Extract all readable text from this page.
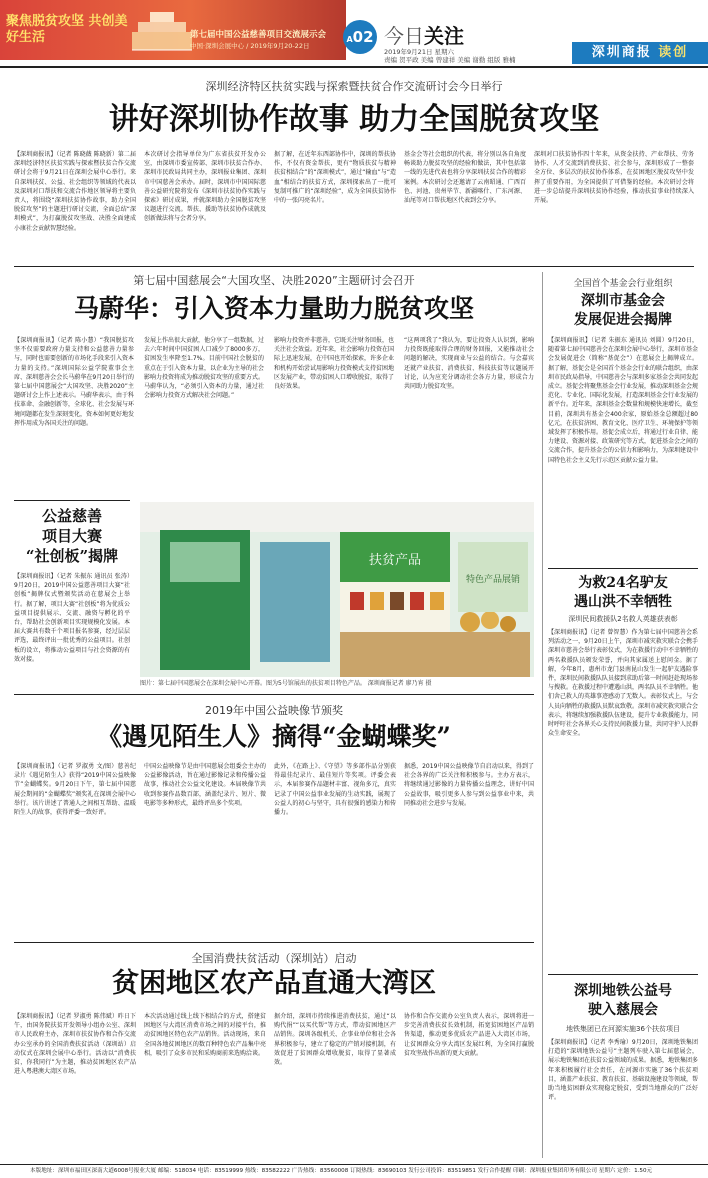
聚焦脱贫攻坚 共创美好生活	第七届中国公益慈善项目交流展示会
中国·深圳会展中心 / 2019年9月20-22日
A02 今日关注
2019年9月21日 星期六
责编 贺平政 美编 曾建祥 美编 谢勤 组版 雅楠	深圳商报 读创
深圳经济特区扶贫实践与探索暨扶贫合作交流研讨会今日举行
讲好深圳协作故事 助力全国脱贫攻坚
【深圳商报讯】（记者 陈晓薇 陈晓新）第二届深圳经济特区扶贫实践与探索暨扶贫合作交流研讨会将于9月21日在深圳会展中心举行。来自深圳扶贫、公益、社会组织等领域的代表以及深圳对口帮扶和交流合作地区领导将主要负责人，将围绕“深圳扶贫协作故事，助力全国脱贫攻坚”的主题进行研讨交流，全面总结“深圳模式”，为打赢脱贫攻坚战、决胜全面建成小康社会贡献智慧经验。
本次研讨会指导单位为广东省扶贫开发办公室，由深圳市委宣传部、深圳市扶贫合作办、深圳市民政局共同主办，深圳报业集团、深圳市中国慈善会承办。届时，深圳市中国国际慈善公益研究院将发布《深圳市扶贫协作实践与探索》研讨成果，并就深圳助力全国脱贫攻坚议题进行交流。帮扶、援助等扶贫协作成就及创新做法将与会者分享。
据了解，在近年东西部协作中，深圳的帮扶协作，不仅有资金帮扶，更有“物质扶贫与精神扶贫相结合”的“深圳模式”，通过“输血”与“造血”相结合的扶贫方式，深圳探索出了一批可复制可推广的“深圳经验”，成为全国扶贫协作中的一张闪亮名片。
基金会等社会组织的代表，将分别以各自角度畅谈助力脱贫攻坚的经验和做法，其中包括第一线的先进代表也将分享深圳扶贫合作的精彩案例。本次研讨会还邀请了云南昭通、广西百色、河池、贵州毕节、新疆喀什、广东河源、汕尾等对口帮扶地区代表到会分享。
深圳对口扶贫协作四十年来，从资金扶持、产业帮扶、劳务协作、人才交流到消费扶贫、社会参与，深圳形成了一整套全方位、多层次的扶贫协作体系，在贫困地区脱贫攻坚中发挥了重要作用，为全国提供了可借鉴的经验。本次研讨会将进一步总结提升深圳扶贫协作经验，推动扶贫事业持续深入开展。
第七届中国慈展会“大国攻坚、决胜2020”主题研讨会召开
马蔚华：引入资本力量助力脱贫攻坚
【深圳商报讯】（记者 陈小慧）“我国脱贫攻坚不仅需要政府力量支持和公益慈善力量参与，同时也需要创新的市场化手段来引入资本力量的支持。”深圳国际公益学院董事会主席、深圳慈善会会长马蔚华在9月20日举行的第七届中国慈展会“大国攻坚、决胜2020”主题研讨会上作上述表示。马蔚华表示，由于科技革命、金融创新等，全球化、社会发展与环境问题都在发生深刻变化，资本如何更好地发挥作用成为各国关注的问题。
发展上作出很大贡献，他分享了一组数据，过去六年时间中国贫困人口减少了8000多万，贫困发生率降至1.7%。目前中国社会脱贫的重点在于引入资本力量，以企业为主导的社会影响力投资将成为推动脱贫攻坚的重要方式。马蔚华认为，“必须引入资本的力量，通过社会影响力投资方式解决社会问题。”
影响力投资并非慈善，它既关注财务回报，也关注社会效益。近年来，社会影响力投资在国际上迅速发展，在中国也开始探索，许多企业和机构开始尝试用影响力投资模式支持贫困地区发展产业，带动贫困人口增收脱贫，取得了良好效果。
“这两项我了”我认为，要让投资人认识到，影响力投资既能取得合理的财务回报，又能推动社会问题的解决，实现商业与公益的结合。与会嘉宾还就产业扶贫、消费扶贫、科技扶贫等议题展开讨论，认为应充分调动社会各方力量，形成合力共同助力脱贫攻坚。
公益慈善
项目大赛
“社创板”揭牌
【深圳商报讯】（记者 朱振东 通讯员 张涛）9月20日，2019中国公益慈善项目大赛“社创板”揭牌仪式暨颁奖活动在慈展会上举行。据了解，项目大赛“社创板”将为优质公益项目提供展示、交流、融资与孵化的平台，帮助社会创新项目实现规模化发展。本届大赛共有数千个项目报名参赛，经过层层评选，最终评出一批优秀的公益项目。社创板的设立，将推动公益项目与社会资源的有效对接。
扶贫产品
特色产品展销
图片：第七届中国慈展会在深圳会展中心开幕。图为5号馆展出的扶贫项目特色产品。 深圳商报记者 廖乃宵 摄
全国首个基金会行业组织
深圳市基金会
发展促进会揭牌
【深圳商报讯】（记者 朱振东 通讯员 刘圆）9月20日，随着第七届中国慈善会在深圳会展中心举行，深圳市基金会发展促进会（简称“基促会”）在慈展会上揭牌成立。据了解，基促会是全国首个基金会行业的联合组织，由深圳市民政局指导，中国慈善会与深圳多家基金会共同发起成立。基促会将聚焦基金会行业发展，推动深圳基金会规范化、专业化、国际化发展，打造深圳基金会行业发展的新平台。近年来，深圳基金会数量和规模快速增长，截至目前，深圳共有基金会400余家，原始基金总额超过80亿元，在扶贫济困、教育文化、医疗卫生、环境保护等领域发挥了积极作用。基促会成立后，将通过行业自律、能力建设、资源对接、政策研究等方式，促进基金会之间的交流合作，提升基金会的公信力和影响力，为深圳建设中国特色社会主义先行示范区贡献公益力量。
为救24名驴友
遇山洪不幸牺牲
深圳民间救援队2名救人英雄获表彰
【深圳商报讯】（记者 曾智慧）作为第七届中国慈善会系列活动之一，9月20日上午，深圳市减灾救灾联合会携手深圳市慈善会举行表彰仪式，为在救援行动中不幸牺牲的两名救援队员颁发荣誉，并向其家属送上慰问金。据了解，今年8月，惠州市龙门县南昆山发生一起驴友遇险事件，深圳民间救援队队员接到求助后第一时间赶赴现场参与搜救。在救援过程中遭遇山洪，两名队员不幸牺牲。他们舍己救人的英雄事迹感动了无数人。表彰仪式上，与会人员向牺牲的救援队员默哀致敬。深圳市减灾救灾联合会表示，将继续加强救援队伍建设，提升专业救援能力，同时呼吁社会各界关心支持民间救援力量，共同守护人民群众生命安全。
深圳地铁公益号
驶入慈展会
地铁集团已在河源实施36个扶贫项目
【深圳商报讯】（记者 李秀瑜）9月20日，深圳地铁集团打造的“深圳地铁公益号”主题列车驶入第七届慈展会，展示地铁集团在扶贫公益领域的成果。据悉，地铁集团多年来积极履行社会责任，在河源市实施了36个扶贫项目，涵盖产业扶贫、教育扶贫、基础设施建设等领域，帮助当地贫困群众实现稳定脱贫，受到当地群众的广泛好评。
2019年中国公益映像节颁奖
《遇见陌生人》摘得“金蝴蝶奖”
【深圳商报讯】（记者 罗淑勇 文/图）慈善纪录片《遇见陌生人》获得“2019中国公益映像节”金蝴蝶奖。9月20日下午，第七届中国慈展会期间的“金蝴蝶奖”颁奖礼在深圳会展中心举行。该片讲述了普通人之间相互帮助、温暖陌生人的故事，获得评委一致好评。
中国公益映像节是由中国慈展会组委会主办的公益影像活动，旨在通过影像记录和传播公益故事，推动社会公益文化建设。本届映像节共收到参赛作品数百部，涵盖纪录片、短片、微电影等多种形式，最终评出多个奖项。
此外，《在路上》、《守望》等多部作品分别获得最佳纪录片、最佳短片等奖项。评委会表示，本届参赛作品题材丰富、视角多元，真实记录了中国公益事业发展的生动实践，展现了公益人的初心与坚守，具有很强的感染力和传播力。
据悉，2019中国公益映像节自启动以来，得到了社会各界的广泛关注和积极参与。主办方表示，将继续通过影像的力量传播公益理念，讲好中国公益故事，吸引更多人参与到公益事业中来，共同推动社会进步与发展。
全国消费扶贫活动（深圳站）启动
贫困地区农产品直通大湾区
【深圳商报讯】（记者 罗淑勇 陈伟斌）昨日下午，由国务院扶贫开发领导小组办公室、深圳市人民政府主办，深圳市扶贫协作和合作交流办公室承办的全国消费扶贫活动（深圳站）启动仪式在深圳会展中心举行。活动以“消费扶贫，你我同行”为主题，推动贫困地区农产品进入粤港澳大湾区市场。
本次活动通过线上线下相结合的方式，搭建贫困地区与大湾区消费市场之间的对接平台，推动贫困地区特色农产品销售。活动现场，来自全国各地贫困地区的数百种特色农产品集中亮相，吸引了众多市民和采购商前来选购洽谈。
据介绍，深圳市持续推进消费扶贫，通过“以购代捐”“以买代帮”等方式，带动贫困地区产品销售。深圳各级机关、企事业单位和社会各界积极参与，建立了稳定的产销对接机制，有效促进了贫困群众增收脱贫，取得了显著成效。
协作和合作交流办公室负责人表示，深圳将进一步完善消费扶贫长效机制，拓宽贫困地区产品销售渠道，推动更多优质农产品进入大湾区市场，让贫困群众分享大湾区发展红利，为全国打赢脱贫攻坚战作出新的更大贡献。
本版地址：深圳市福田区深南大道6008号报业大厦 邮编：518034 电话：83519999 热线：83582222 广告热线：83560008 订阅热线：83690103 发行公司投诉：83519851 发行合作提醒 印刷：深圳报业集团印务有限公司 星期六 定价：1.50元
